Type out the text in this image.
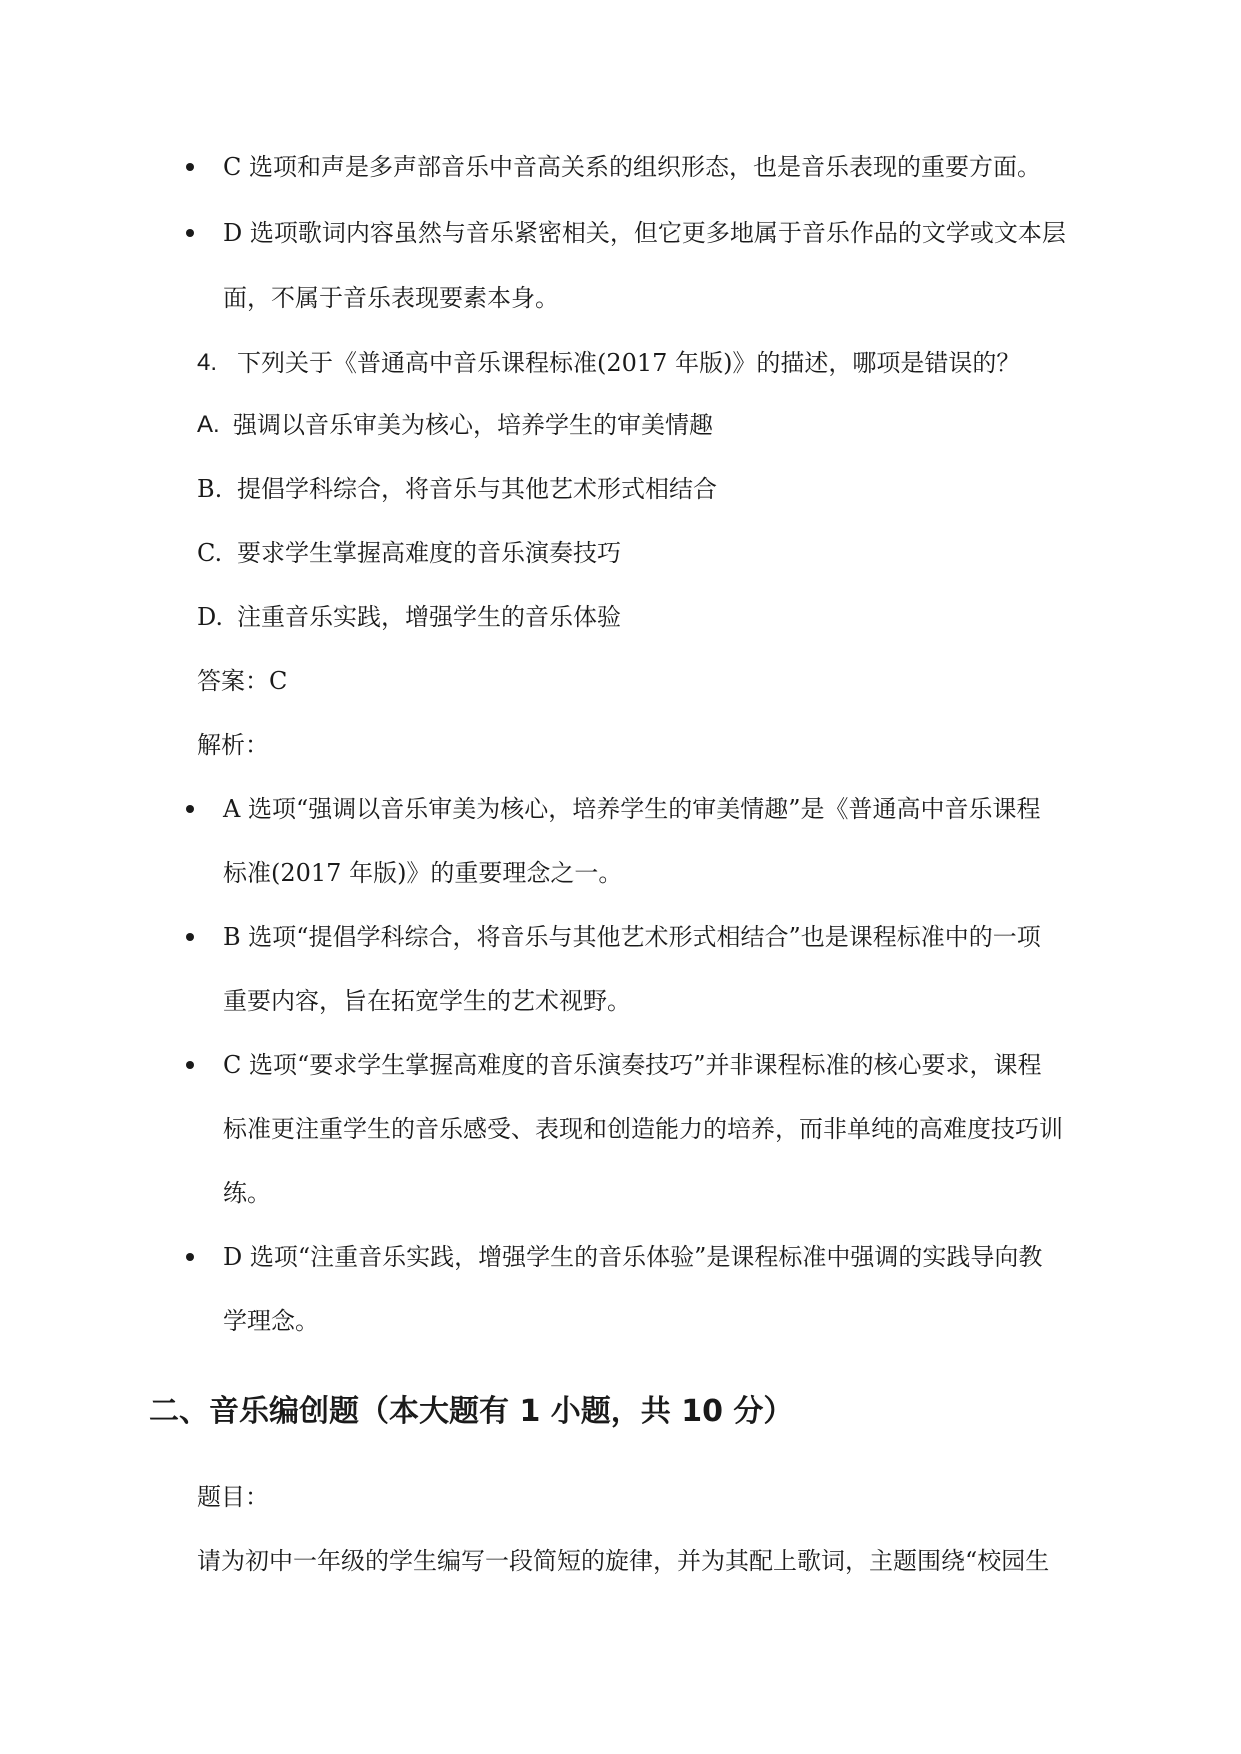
C 选项和声是多声部音乐中音高关系的组织形态，也是音乐表现的重要方面。
D 选项歌词内容虽然与音乐紧密相关，但它更多地属于音乐作品的文学或文本层
面，不属于音乐表现要素本身。
4. 下列关于《普通高中音乐课程标准(2017 年版)》的描述，哪项是错误的？
A. 强调以音乐审美为核心，培养学生的审美情趣
B. 提倡学科综合，将音乐与其他艺术形式相结合
C. 要求学生掌握高难度的音乐演奏技巧
D. 注重音乐实践，增强学生的音乐体验
答案：C
解析：
A 选项“强调以音乐审美为核心，培养学生的审美情趣”是《普通高中音乐课程
标准(2017 年版)》的重要理念之一。
B 选项“提倡学科综合，将音乐与其他艺术形式相结合”也是课程标准中的一项
重要内容，旨在拓宽学生的艺术视野。
C 选项“要求学生掌握高难度的音乐演奏技巧”并非课程标准的核心要求，课程
标准更注重学生的音乐感受、表现和创造能力的培养，而非单纯的高难度技巧训
练。
D 选项“注重音乐实践，增强学生的音乐体验”是课程标准中强调的实践导向教
学理念。
二、音乐编创题（本大题有 1 小题，共 10 分）
题目：
请为初中一年级的学生编写一段简短的旋律，并为其配上歌词，主题围绕“校园生
